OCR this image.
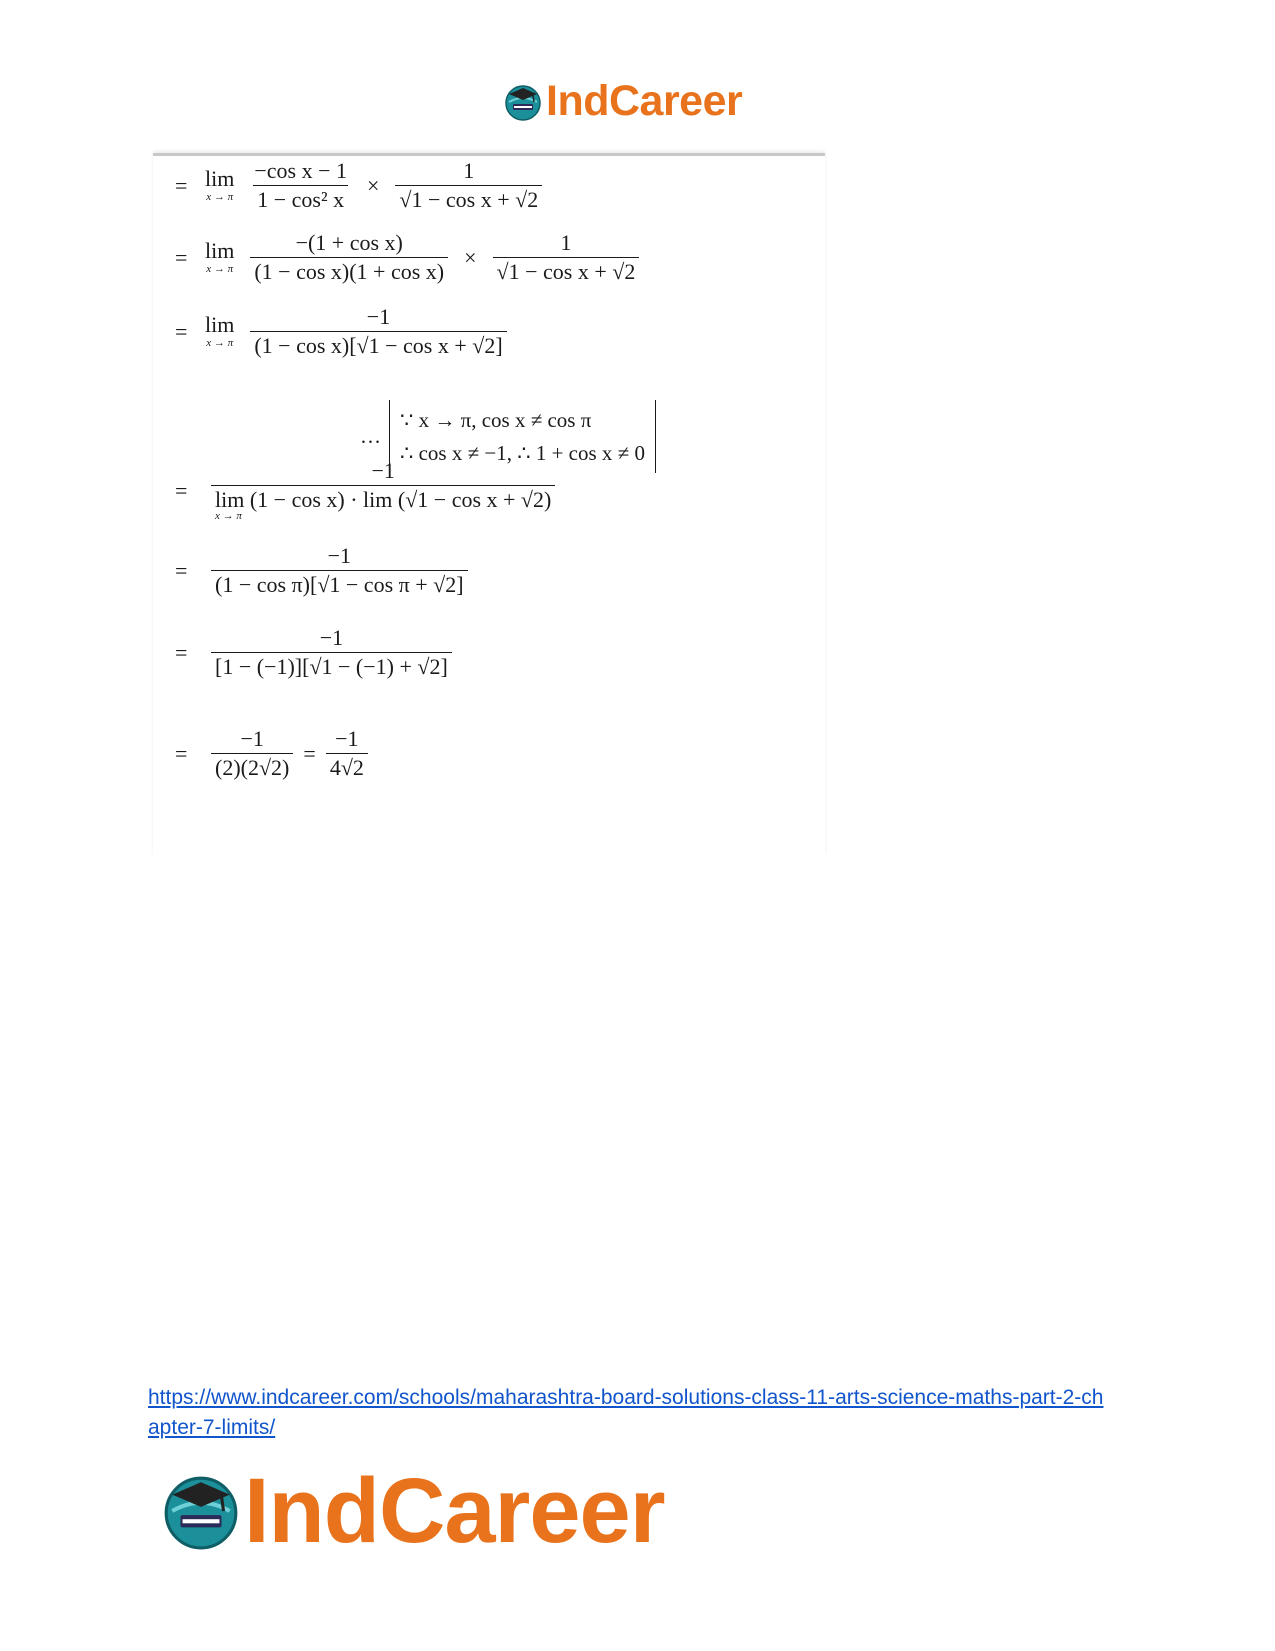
IndCareer
= lim
x → π $\frac{\text{−cos x − 1}}{\text{1 − cos² x}} \times \frac{1}{\text{√1 − cos x + √2}}$
= lim
x → π $\frac{\text{−(1 + cos x)}}{\text{(1 − cos x)(1 + cos x)}} \times \frac{1}{\text{√1 − cos x + √2}}$
= lim
x → π $\frac{-1}{\text{(1 − cos x)[√1 − cos x + √2]}}$
=	−1
lim (1 − cos x) · lim (√1 − cos x + √2)
x → π
=	$\frac{-1}{\text{(1 − cos π)[√1 − cos π + √2]}}$
=	$\frac{-1}{[1 - (-1)][√1 - (-1) + √2]}$
=	$\frac{-1}{(2)(2√2)} = \frac{-1}{4√2}$
…
∵ x → π, cos x ≠ cos π
∴ cos x ≠ −1, ∴ 1 + cos x ≠ 0
https://www.indcareer.com/schools/maharashtra-board-solutions-class-11-arts-science-maths-part-2-chapter-7-limits/
IndCareer
